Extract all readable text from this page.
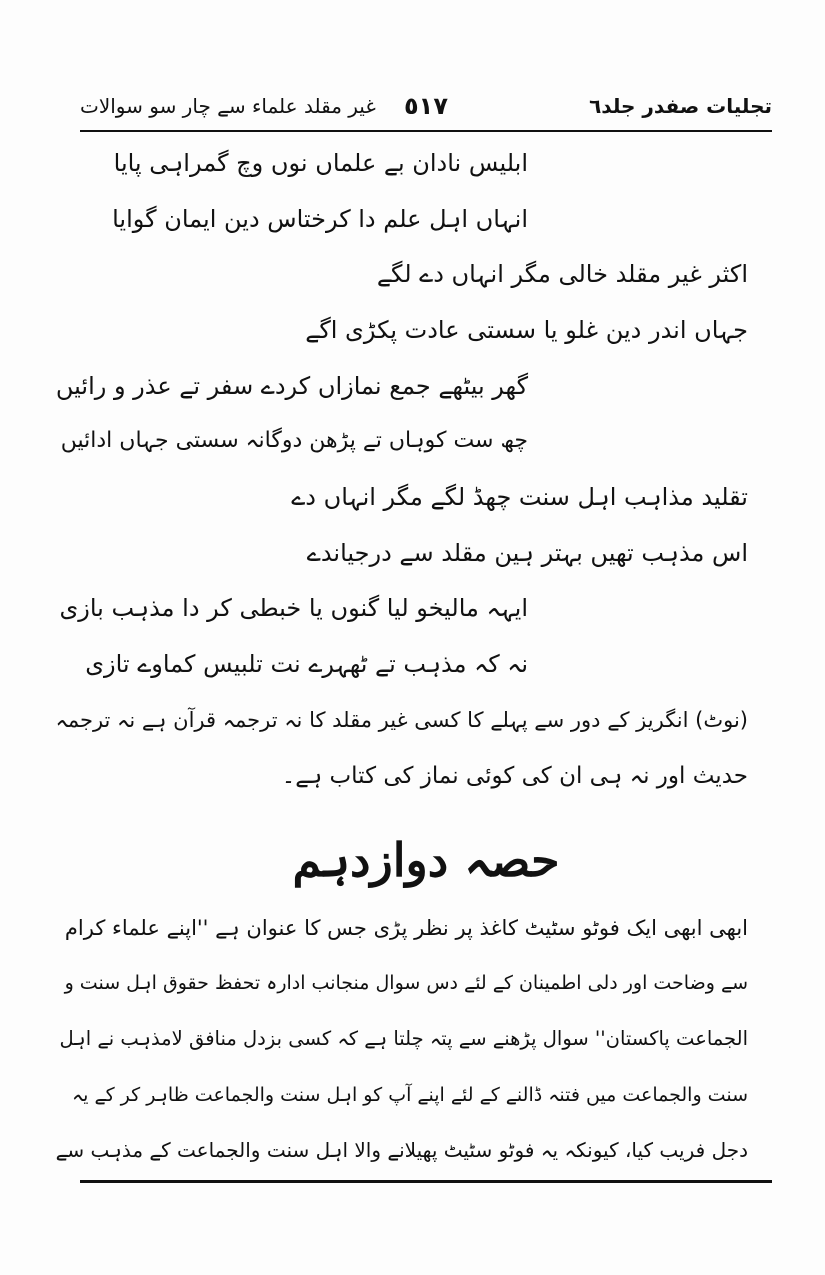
تجلیات صفدر جلد٦
٥١٧
غیر مقلد علماء سے چار سو سوالات
ابلیس نادان بے علماں نوں وچ گمراہی پایا
انہاں اہل علم دا کرختاس دین ایمان گوایا
اکثر غیر مقلد خالی مگر انہاں دے لگے
جہاں اندر دین غلو یا سستی عادت پکڑی اگے
گھر بیٹھے جمع نمازاں کردے سفر تے عذر و رائیں
چھ ست کوہاں تے پڑھن دوگانہ سستی جہاں ادائیں
تقلید مذاہب اہل سنت چھڈ لگے مگر انہاں دے
اس مذہب تھیں بہتر ہین مقلد سے درجیاندے
ایہہ مالیخو لیا گنوں یا خبطی کر دا مذہب بازی
نہ کہ مذہب تے ٹھہرے نت تلبیس کماوے تازی
(نوٹ) انگریز کے دور سے پہلے کا کسی غیر مقلد کا نہ ترجمہ قرآن ہے نہ ترجمہ
حدیث اور نہ ہی ان کی کوئی نماز کی کتاب ہے۔
حصہ دوازدہم
ابھی ابھی ایک فوٹو سٹیٹ کاغذ پر نظر پڑی جس کا عنوان ہے ''اپنے علماء کرام
سے وضاحت اور دلی اطمینان کے لئے دس سوال منجانب ادارہ تحفظ حقوق اہل سنت و
الجماعت پاکستان'' سوال پڑھنے سے پتہ چلتا ہے کہ کسی بزدل منافق لامذہب نے اہل
سنت والجماعت میں فتنہ ڈالنے کے لئے اپنے آپ کو اہل سنت والجماعت ظاہر کر کے یہ
دجل فریب کیا، کیونکہ یہ فوٹو سٹیٹ پھیلانے والا اہل سنت والجماعت کے مذہب سے
